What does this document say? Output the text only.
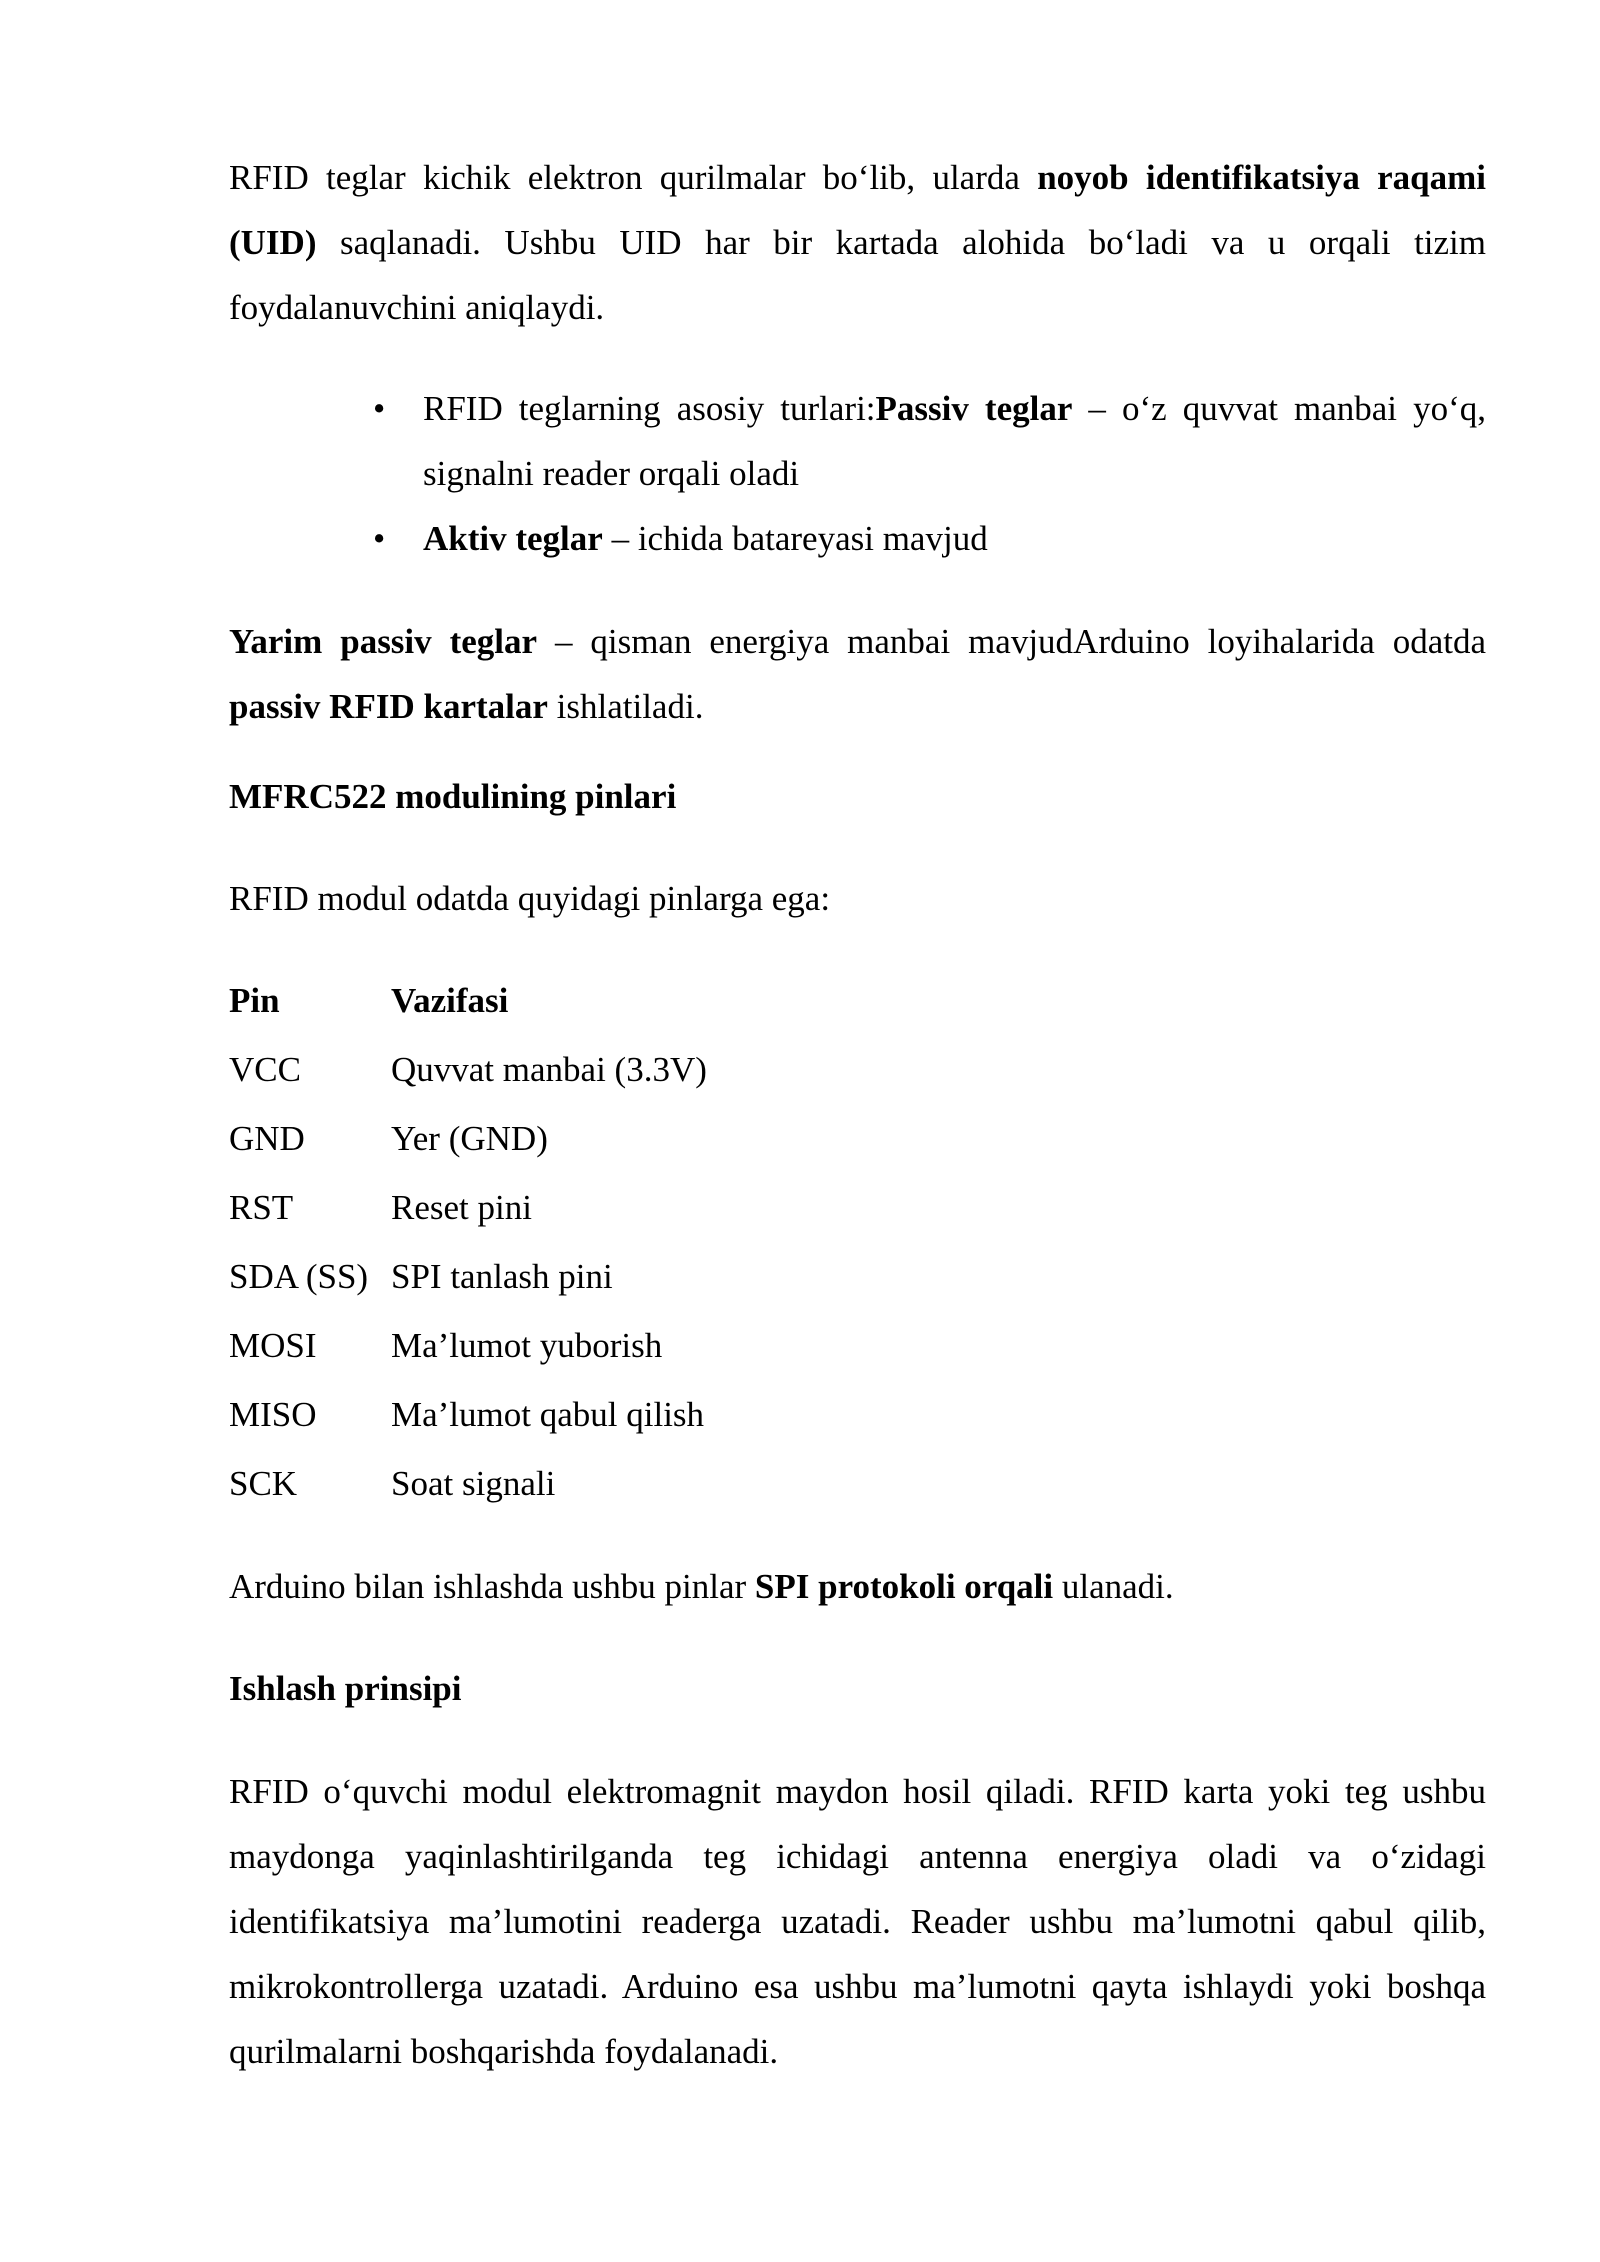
RFID teglar kichik elektron qurilmalar bo‘lib, ularda noyob identifikatsiya raqami (UID) saqlanadi. Ushbu UID har bir kartada alohida bo‘ladi va u orqali tizim foydalanuvchini aniqlaydi.

• RFID teglarning asosiy turlari:Passiv teglar – o‘z quvvat manbai yo‘q, signalni reader orqali oladi
• Aktiv teglar – ichida batareyasi mavjud

Yarim passiv teglar – qisman energiya manbai mavjudArduino loyihalarida odatda passiv RFID kartalar ishlatiladi.

MFRC522 modulining pinlari

RFID modul odatda quyidagi pinlarga ega:

Pin	Vazifasi
VCC	Quvvat manbai (3.3V)
GND	Yer (GND)
RST	Reset pini
SDA (SS)	SPI tanlash pini
MOSI	Ma’lumot yuborish
MISO	Ma’lumot qabul qilish
SCK	Soat signali

Arduino bilan ishlashda ushbu pinlar SPI protokoli orqali ulanadi.

Ishlash prinsipi

RFID o‘quvchi modul elektromagnit maydon hosil qiladi. RFID karta yoki teg ushbu maydonga yaqinlashtirilganda teg ichidagi antenna energiya oladi va o‘zidagi identifikatsiya ma’lumotini readerga uzatadi. Reader ushbu ma’lumotni qabul qilib, mikrokontrollerga uzatadi. Arduino esa ushbu ma’lumotni qayta ishlaydi yoki boshqa qurilmalarni boshqarishda foydalanadi.
